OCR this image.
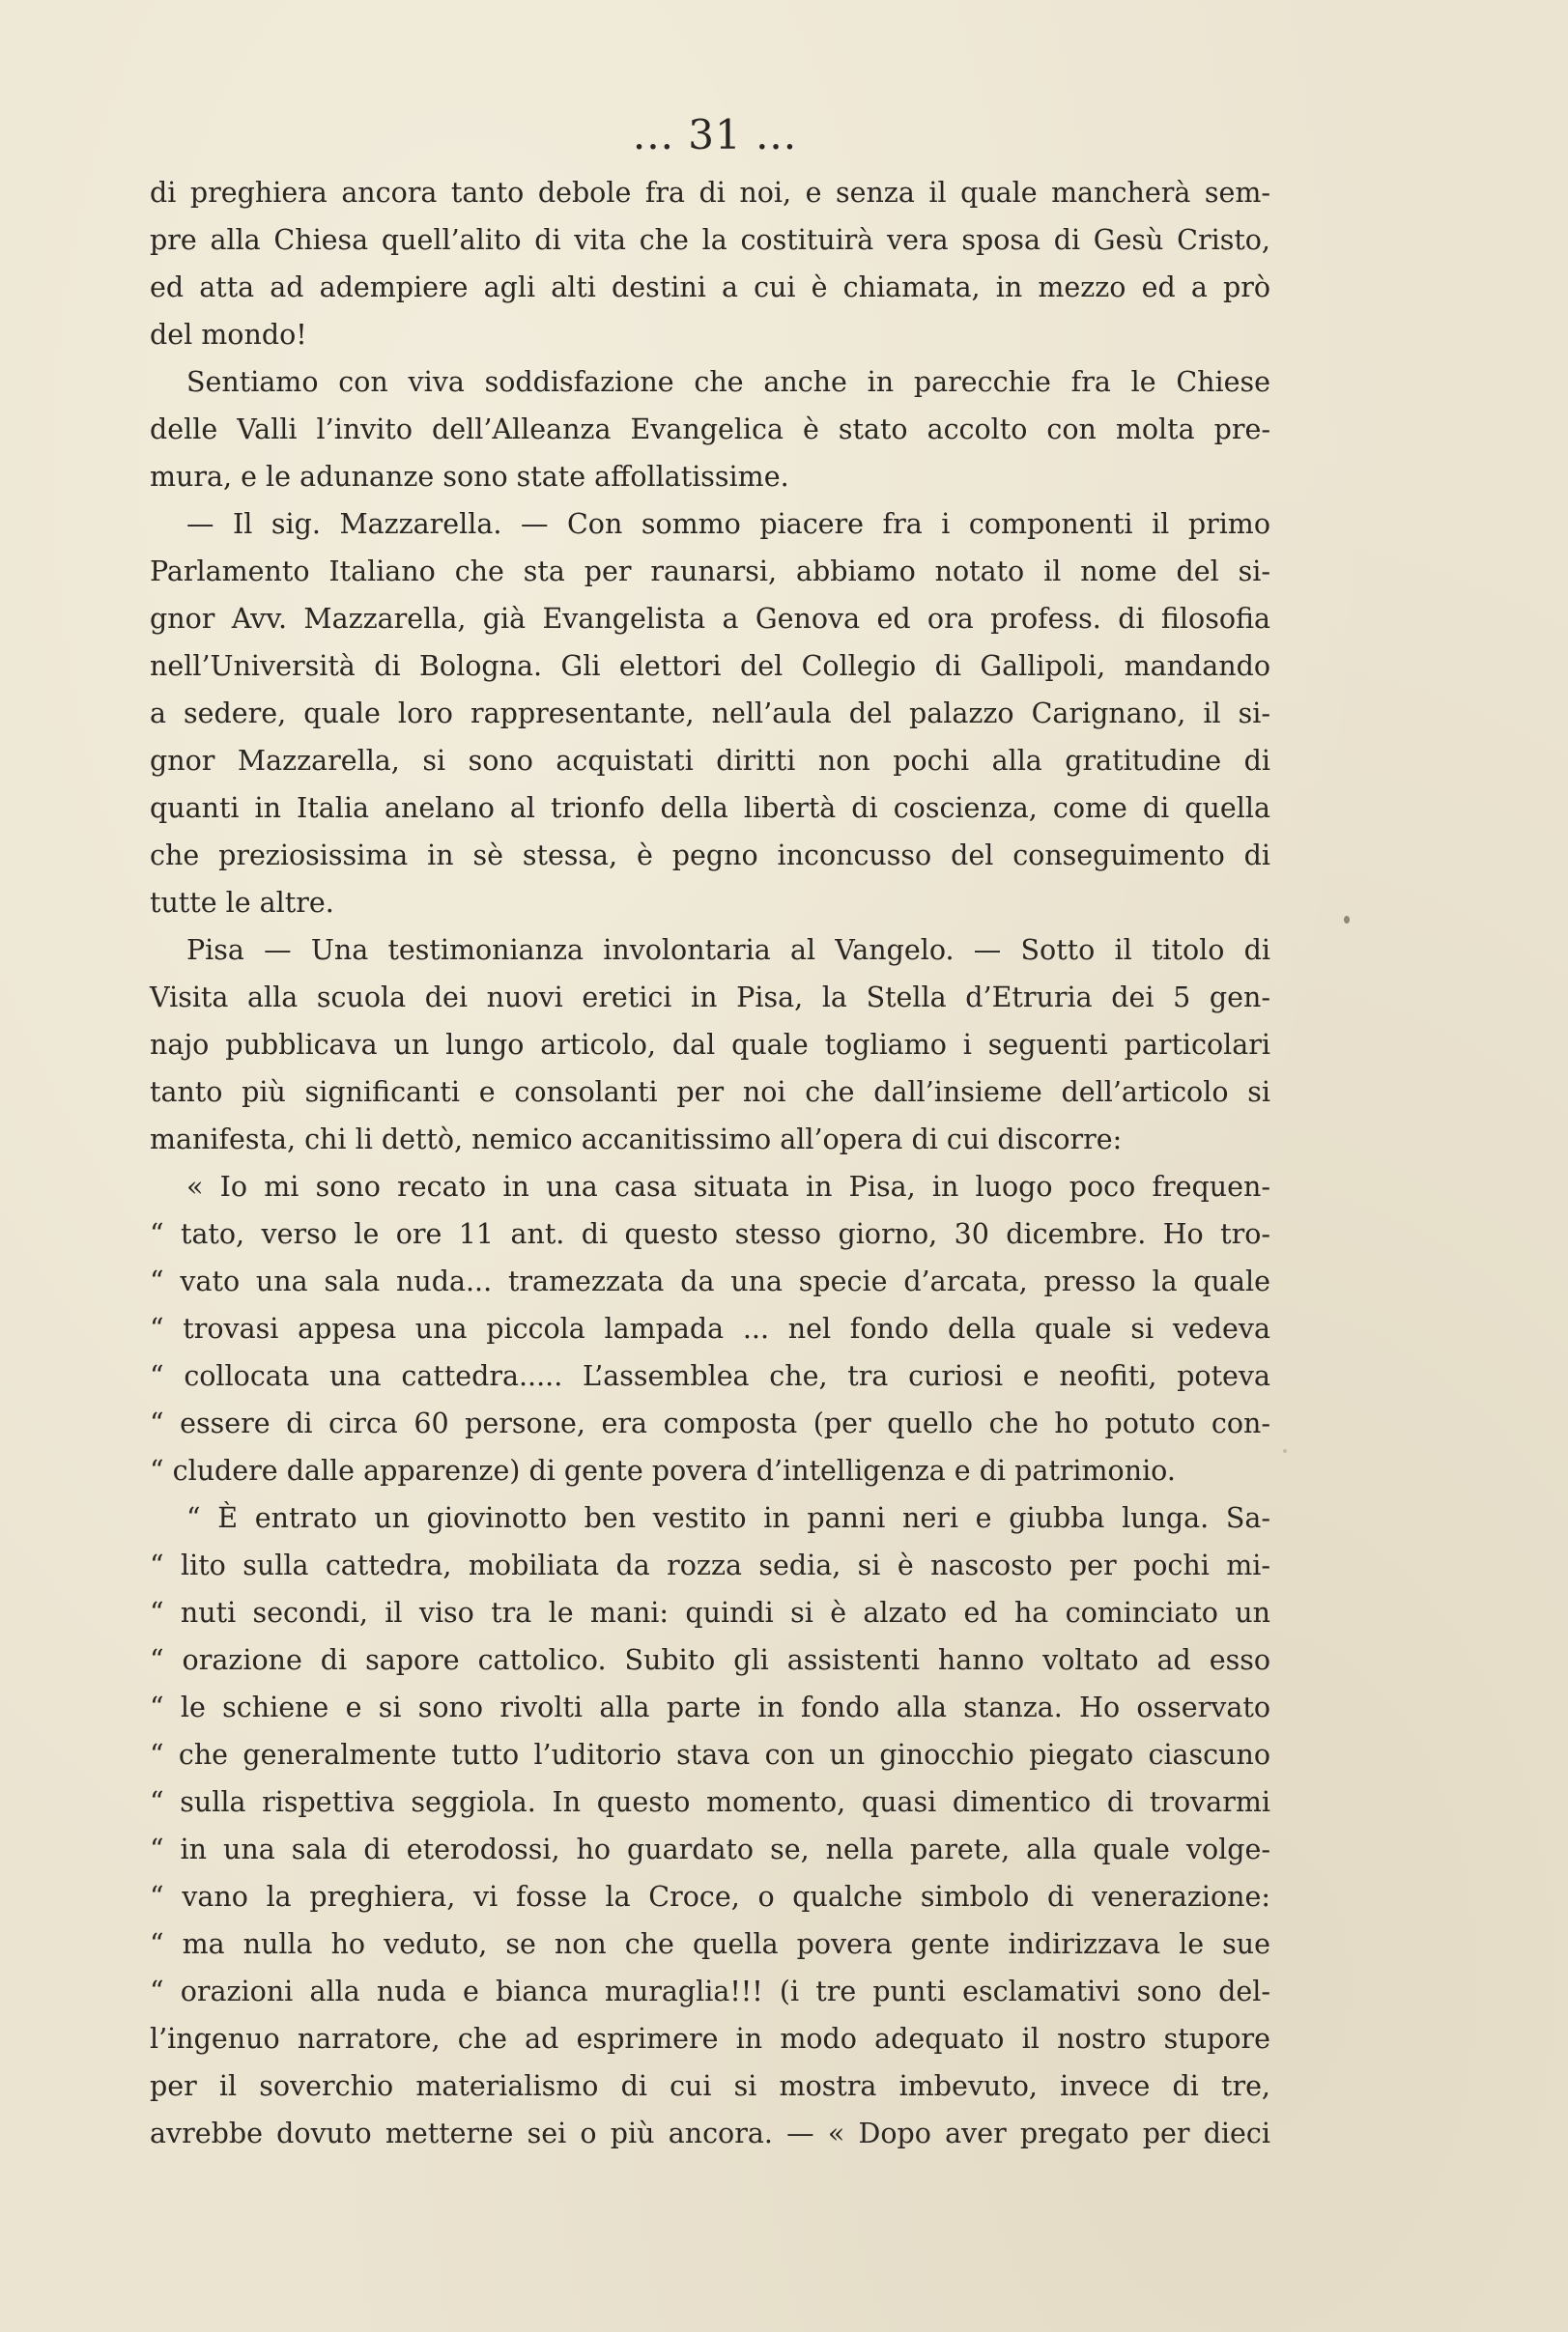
... 31 ...
di preghiera ancora tanto debole fra di noi, e senza il quale mancherà sem-
pre alla Chiesa quell’alito di vita che la costituirà vera sposa di Gesù Cristo,
ed atta ad adempiere agli alti destini a cui è chiamata, in mezzo ed a prò
del mondo!
Sentiamo con viva soddisfazione che anche in parecchie fra le Chiese
delle Valli l’invito dell’Alleanza Evangelica è stato accolto con molta pre-
mura, e le adunanze sono state affollatissime.
— Il sig. Mazzarella. — Con sommo piacere fra i componenti il primo
Parlamento Italiano che sta per raunarsi, abbiamo notato il nome del si-
gnor Avv. Mazzarella, già Evangelista a Genova ed ora profess. di filosofia
nell’Università di Bologna. Gli elettori del Collegio di Gallipoli, mandando
a sedere, quale loro rappresentante, nell’aula del palazzo Carignano, il si-
gnor Mazzarella, si sono acquistati diritti non pochi alla gratitudine di
quanti in Italia anelano al trionfo della libertà di coscienza, come di quella
che preziosissima in sè stessa, è pegno inconcusso del conseguimento di
tutte le altre.
Pisa — Una testimonianza involontaria al Vangelo. — Sotto il titolo di
Visita alla scuola dei nuovi eretici in Pisa, la Stella d’Etruria dei 5 gen-
najo pubblicava un lungo articolo, dal quale togliamo i seguenti particolari
tanto più significanti e consolanti per noi che dall’insieme dell’articolo si
manifesta, chi li dettò, nemico accanitissimo all’opera di cui discorre:
« Io mi sono recato in una casa situata in Pisa, in luogo poco frequen-
“ tato, verso le ore 11 ant. di questo stesso giorno, 30 dicembre. Ho tro-
“ vato una sala nuda... tramezzata da una specie d’arcata, presso la quale
“ trovasi appesa una piccola lampada ... nel fondo della quale si vedeva
“ collocata una cattedra..... L’assemblea che, tra curiosi e neofiti, poteva
“ essere di circa 60 persone, era composta (per quello che ho potuto con-
“ cludere dalle apparenze) di gente povera d’intelligenza e di patrimonio.
“ È entrato un giovinotto ben vestito in panni neri e giubba lunga. Sa-
“ lito sulla cattedra, mobiliata da rozza sedia, si è nascosto per pochi mi-
“ nuti secondi, il viso tra le mani: quindi si è alzato ed ha cominciato un
“ orazione di sapore cattolico. Subito gli assistenti hanno voltato ad esso
“ le schiene e si sono rivolti alla parte in fondo alla stanza. Ho osservato
“ che generalmente tutto l’uditorio stava con un ginocchio piegato ciascuno
“ sulla rispettiva seggiola. In questo momento, quasi dimentico di trovarmi
“ in una sala di eterodossi, ho guardato se, nella parete, alla quale volge-
“ vano la preghiera, vi fosse la Croce, o qualche simbolo di venerazione:
“ ma nulla ho veduto, se non che quella povera gente indirizzava le sue
“ orazioni alla nuda e bianca muraglia!!! (i tre punti esclamativi sono del-
l’ingenuo narratore, che ad esprimere in modo adequato il nostro stupore
per il soverchio materialismo di cui si mostra imbevuto, invece di tre,
avrebbe dovuto metterne sei o più ancora. — « Dopo aver pregato per dieci
